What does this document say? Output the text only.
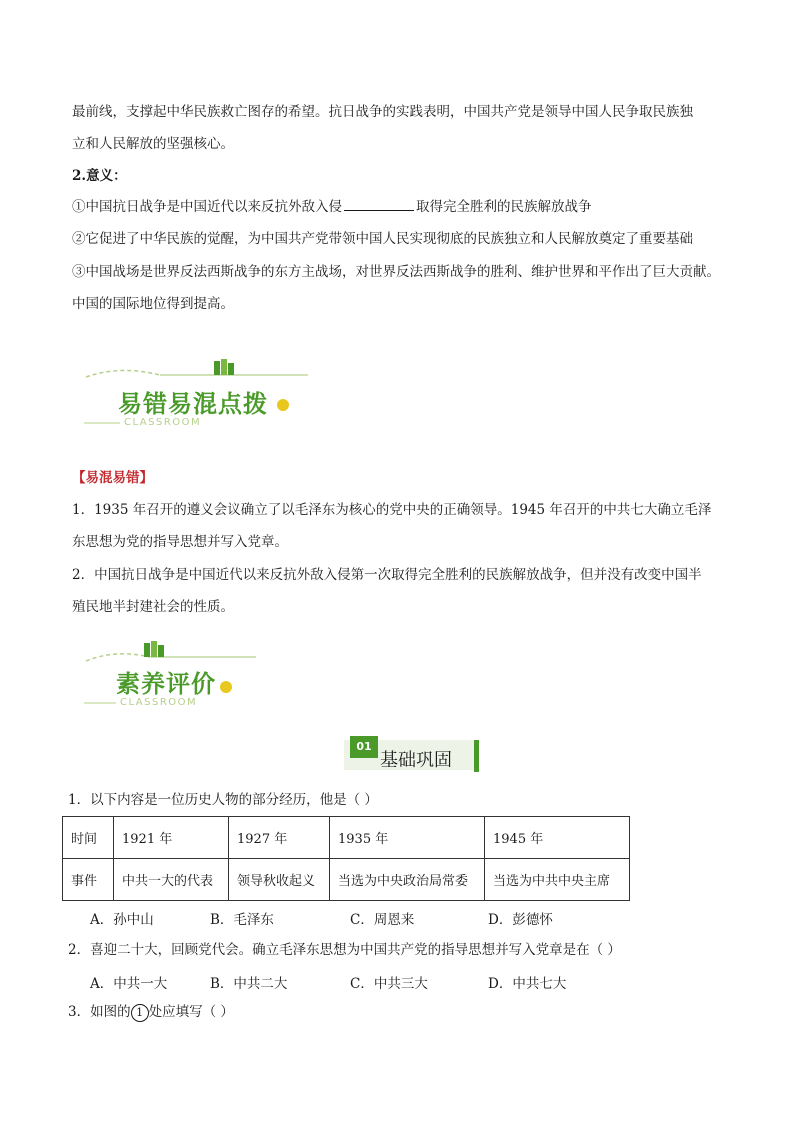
最前线，支撑起中华民族救亡图存的希望。抗日战争的实践表明，中国共产党是领导中国人民争取民族独
立和人民解放的坚强核心。
2.意义：
①中国抗日战争是中国近代以来反抗外敌入侵	取得完全胜利的民族解放战争
②它促进了中华民族的觉醒，为中国共产党带领中国人民实现彻底的民族独立和人民解放奠定了重要基础
③中国战场是世界反法西斯战争的东方主战场，对世界反法西斯战争的胜利、维护世界和平作出了巨大贡献。
中国的国际地位得到提高。
易错易混点拨
CLASSROOM
【易混易错】
1．1935 年召开的遵义会议确立了以毛泽东为核心的党中央的正确领导。1945 年召开的中共七大确立毛泽
东思想为党的指导思想并写入党章。
2．中国抗日战争是中国近代以来反抗外敌入侵第一次取得完全胜利的民族解放战争，但并没有改变中国半
殖民地半封建社会的性质。
素养评价
CLASSROOM
01
基础巩固
1．以下内容是一位历史人物的部分经历，他是（ ）
时间	1921 年	1927 年	1935 年	1945 年
事件	中共一大的代表	领导秋收起义	当选为中央政治局常委	当选为中共中央主席
A．孙中山	B．毛泽东	C．周恩来	D．彭德怀
2．喜迎二十大，回顾党代会。确立毛泽东思想为中国共产党的指导思想并写入党章是在（ ）
A．中共一大	B．中共二大	C．中共三大	D．中共七大
3．如图的 1 处应填写（ ）
